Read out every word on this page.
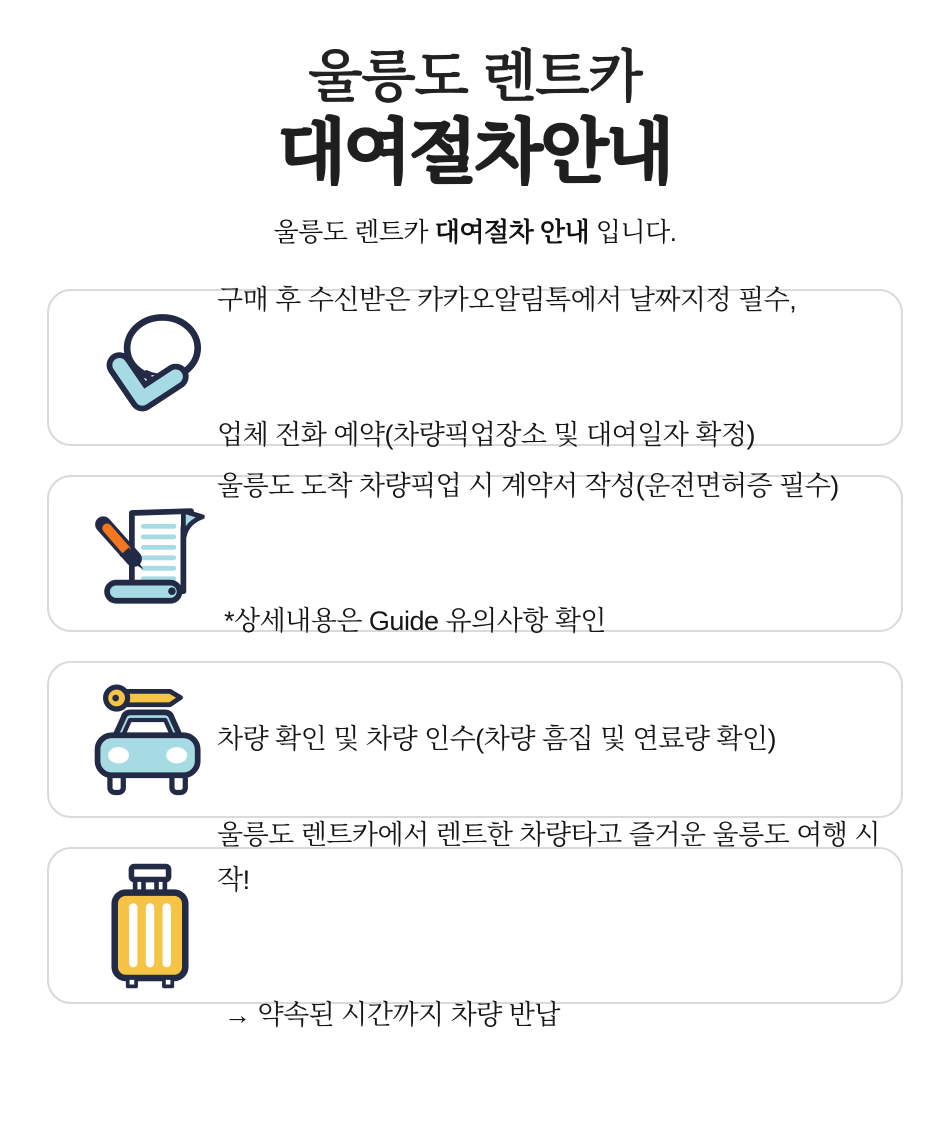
울릉도 렌트카
대여절차안내
울릉도 렌트카 대여절차 안내 입니다.

구매 후 수신받은 카카오알림톡에서 날짜지정 필수,

업체 전화 예약(차량픽업장소 및 대여일자 확정)

울릉도 도착 차량픽업 시 계약서 작성(운전면허증 필수)

*상세내용은 Guide 유의사항 확인

차량 확인 및 차량 인수(차량 흠집 및 연료량 확인)

울릉도 렌트카에서 렌트한 차량타고 즐거운 울릉도 여행 시작!

→ 약속된 시간까지 차량 반납
